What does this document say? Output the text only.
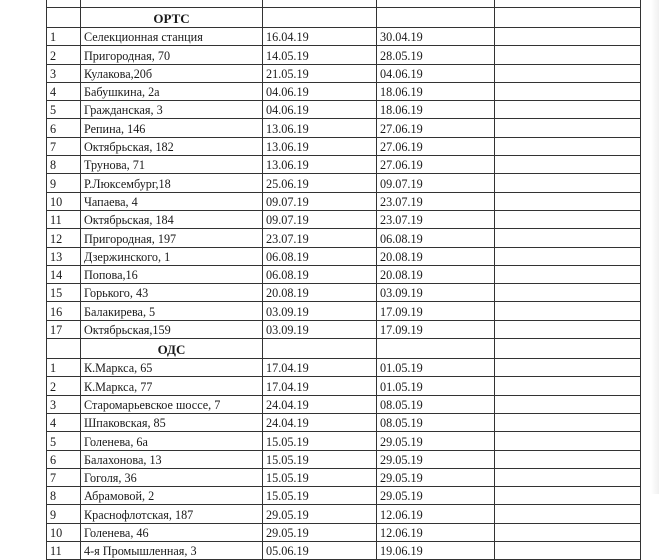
	ОРТС			
1	Селекционная станция	16.04.19	30.04.19	
2	Пригородная, 70	14.05.19	28.05.19	
3	Кулакова,20б	21.05.19	04.06.19	
4	Бабушкина, 2а	04.06.19	18.06.19	
5	Гражданская, 3	04.06.19	18.06.19	
6	Репина, 146	13.06.19	27.06.19	
7	Октябрьская, 182	13.06.19	27.06.19	
8	Трунова, 71	13.06.19	27.06.19	
9	Р.Люксембург,18	25.06.19	09.07.19	
10	Чапаева, 4	09.07.19	23.07.19	
11	Октябрьская, 184	09.07.19	23.07.19	
12	Пригородная, 197	23.07.19	06.08.19	
13	Дзержинского, 1	06.08.19	20.08.19	
14	Попова,16	06.08.19	20.08.19	
15	Горького, 43	20.08.19	03.09.19	
16	Балакирева, 5	03.09.19	17.09.19	
17	Октябрьская,159	03.09.19	17.09.19	
	ОДС			
1	К.Маркса, 65	17.04.19	01.05.19	
2	К.Маркса, 77	17.04.19	01.05.19	
3	Старомарьевское шоссе, 7	24.04.19	08.05.19	
4	Шпаковская, 85	24.04.19	08.05.19	
5	Голенева, 6а	15.05.19	29.05.19	
6	Балахонова, 13	15.05.19	29.05.19	
7	Гоголя, 36	15.05.19	29.05.19	
8	Абрамовой, 2	15.05.19	29.05.19	
9	Краснофлотская, 187	29.05.19	12.06.19	
10	Голенева, 46	29.05.19	12.06.19	
11	4-я Промышленная, 3	05.06.19	19.06.19	
